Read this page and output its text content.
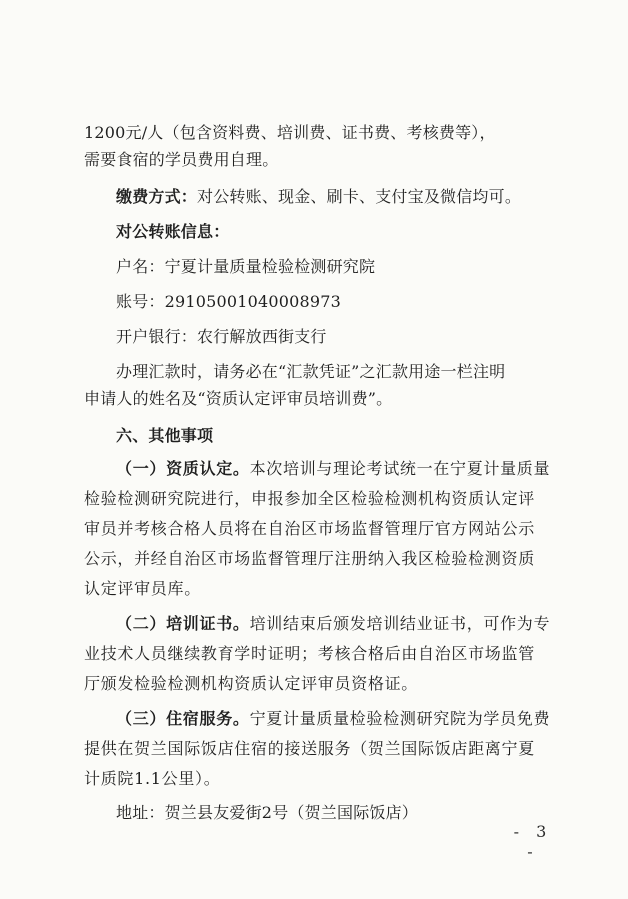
1200元/人（包含资料费、培训费、证书费、考核费等），
需要食宿的学员费用自理。
缴费方式：对公转账、现金、刷卡、支付宝及微信均可。
对公转账信息：
户名：宁夏计量质量检验检测研究院
账号：29105001040008973
开户银行：农行解放西街支行
办理汇款时，请务必在“汇款凭证”之汇款用途一栏注明
申请人的姓名及“资质认定评审员培训费”。
六、其他事项
（一）资质认定。本次培训与理论考试统一在宁夏计量质量
检验检测研究院进行，申报参加全区检验检测机构资质认定评
审员并考核合格人员将在自治区市场监督管理厅官方网站公示
公示，并经自治区市场监督管理厅注册纳入我区检验检测资质
认定评审员库。
（二）培训证书。培训结束后颁发培训结业证书，可作为专
业技术人员继续教育学时证明；考核合格后由自治区市场监管
厅颁发检验检测机构资质认定评审员资格证。
（三）住宿服务。宁夏计量质量检验检测研究院为学员免费
提供在贺兰国际饭店住宿的接送服务（贺兰国际饭店距离宁夏
计质院1.1公里）。
地址：贺兰县友爱街2号（贺兰国际饭店）
- 3 -
